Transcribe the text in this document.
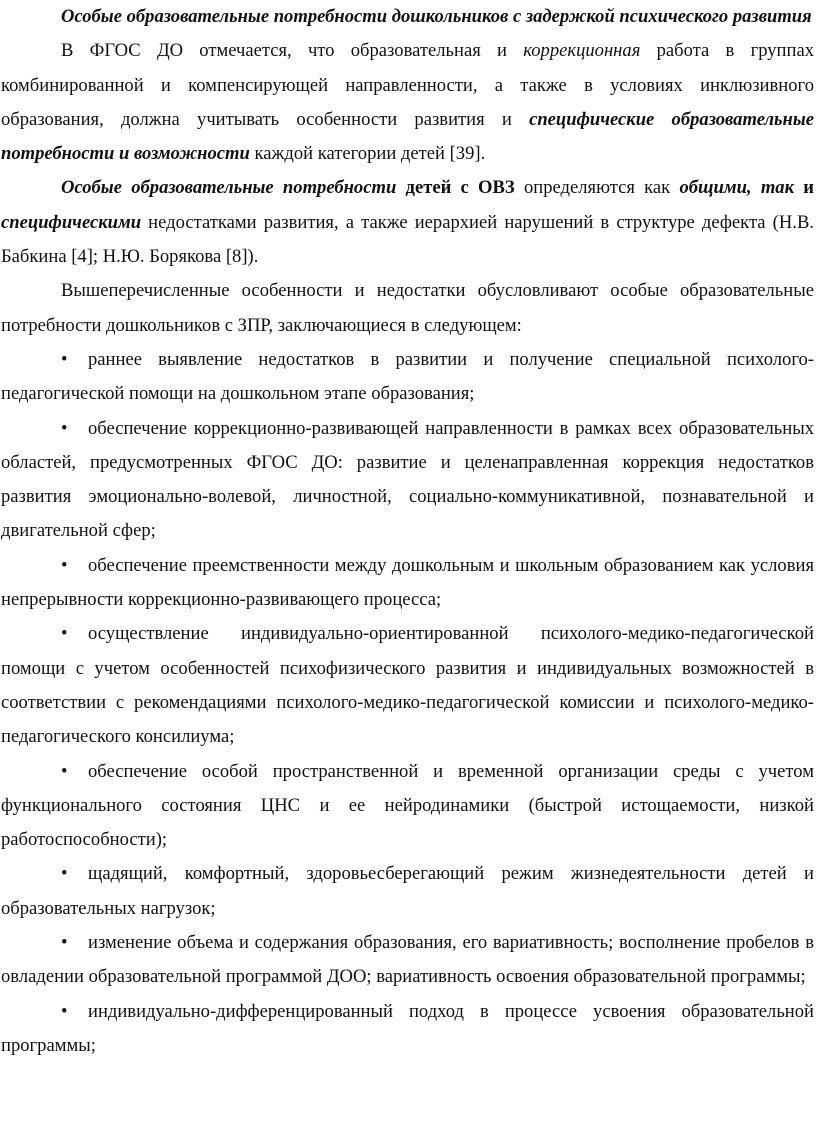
Особые образовательные потребности дошкольников с задержкой психического развития

В ФГОС ДО отмечается, что образовательная и коррекционная работа в группах комбинированной и компенсирующей направленности, а также в условиях инклюзивного образования, должна учитывать особенности развития и специфические образовательные потребности и возможности каждой категории детей [39].

Особые образовательные потребности детей с ОВЗ определяются как общими, так и специфическими недостатками развития, а также иерархией нарушений в структуре дефекта (Н.В. Бабкина [4]; Н.Ю. Борякова [8]).

Вышеперечисленные особенности и недостатки обусловливают особые образовательные потребности дошкольников с ЗПР, заключающиеся в следующем:

• раннее выявление недостатков в развитии и получение специальной психолого-педагогической помощи на дошкольном этапе образования;

• обеспечение коррекционно-развивающей направленности в рамках всех образовательных областей, предусмотренных ФГОС ДО: развитие и целенаправленная коррекция недостатков развития эмоционально-волевой, личностной, социально-коммуникативной, познавательной и двигательной сфер;

• обеспечение преемственности между дошкольным и школьным образованием как условия непрерывности коррекционно-развивающего процесса;

• осуществление индивидуально-ориентированной психолого-медико-педагогической помощи с учетом особенностей психофизического развития и индивидуальных возможностей в соответствии с рекомендациями психолого-медико-педагогической комиссии и психолого-медико-педагогического консилиума;

• обеспечение особой пространственной и временной организации среды с учетом функционального состояния ЦНС и ее нейродинамики (быстрой истощаемости, низкой работоспособности);

• щадящий, комфортный, здоровьесберегающий режим жизнедеятельности детей и образовательных нагрузок;

• изменение объема и содержания образования, его вариативность; восполнение пробелов в овладении образовательной программой ДОО; вариативность освоения образовательной программы;

• индивидуально-дифференцированный подход в процессе усвоения образовательной программы;
